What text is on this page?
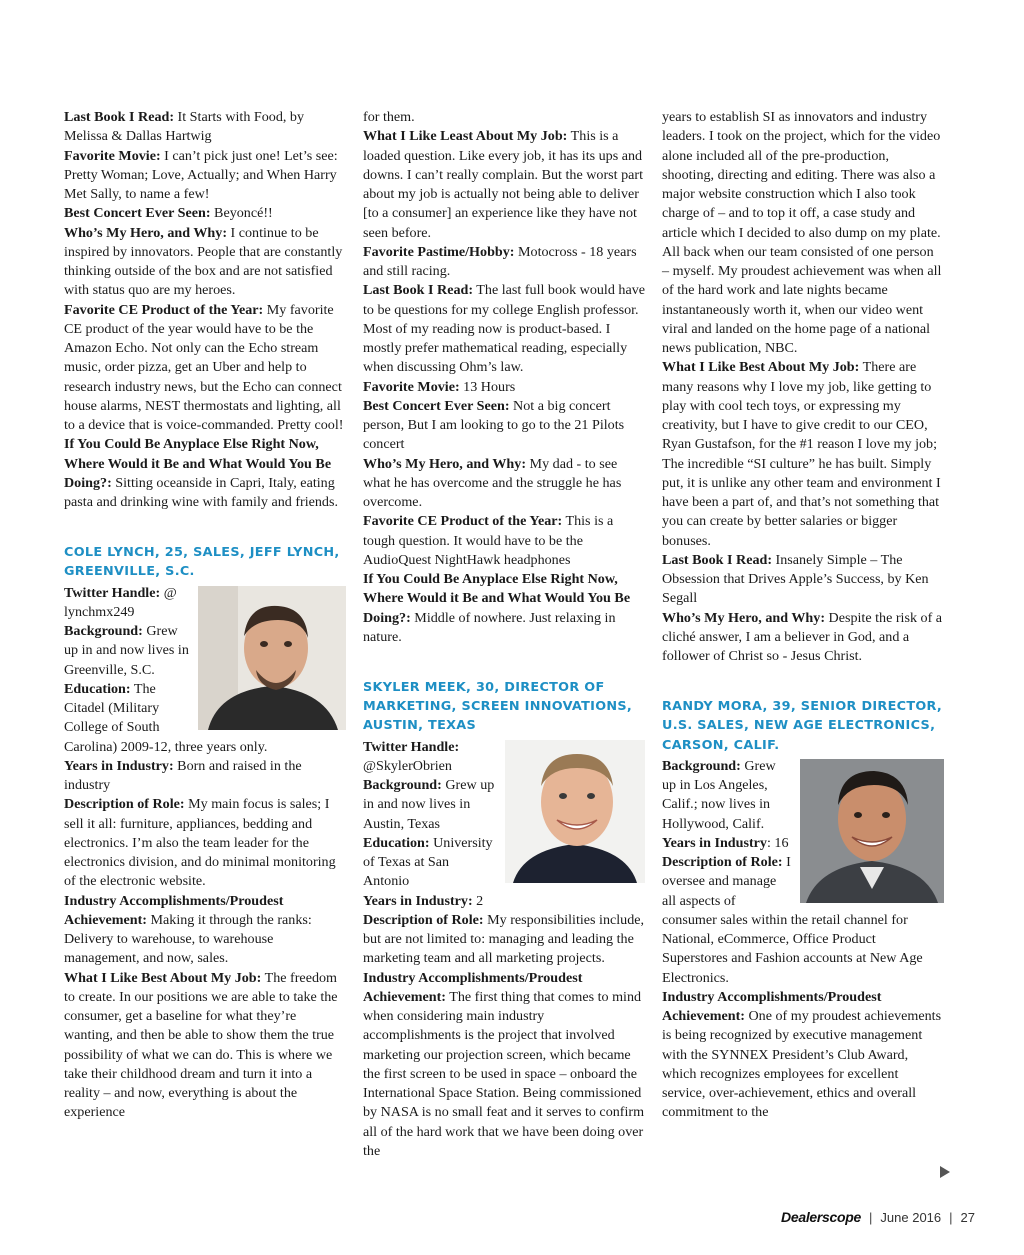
Last Book I Read: It Starts with Food, by Melissa & Dallas Hartwig

Favorite Movie: I can’t pick just one! Let’s see: Pretty Woman; Love, Actually; and When Harry Met Sally, to name a few!

Best Concert Ever Seen: Beyoncé!!

Who’s My Hero, and Why: I continue to be inspired by innovators. People that are constantly thinking outside of the box and are not satisfied with status quo are my heroes.

Favorite CE Product of the Year: My favorite CE product of the year would have to be the Amazon Echo. Not only can the Echo stream music, order pizza, get an Uber and help to research industry news, but the Echo can connect house alarms, NEST thermostats and lighting, all to a device that is voice-commanded. Pretty cool!

If You Could Be Anyplace Else Right Now, Where Would it Be and What Would You Be Doing?: Sitting oceanside in Capri, Italy, eating pasta and drinking wine with family and friends.

COLE LYNCH, 25, SALES, JEFF LYNCH, GREENVILLE, S.C.

Twitter Handle: @ lynchmx249

Background: Grew up in and now lives in Greenville, S.C.

Education: The Citadel (Military College of South Carolina) 2009-12, three years only.

Years in Industry: Born and raised in the industry

Description of Role: My main focus is sales; I sell it all: furniture, appliances, bedding and electronics. I’m also the team leader for the electronics division, and do minimal monitoring of the electronic website.

Industry Accomplishments/Proudest Achievement: Making it through the ranks: Delivery to warehouse, to warehouse management, and now, sales.

What I Like Best About My Job: The freedom to create. In our positions we are able to take the consumer, get a baseline for what they’re wanting, and then be able to show them the true possibility of what we can do. This is where we take their childhood dream and turn it into a reality – and now, everything is about the experience

for them.

What I Like Least About My Job: This is a loaded question. Like every job, it has its ups and downs. I can’t really complain. But the worst part about my job is actually not being able to deliver [to a consumer] an experience like they have not seen before.

Favorite Pastime/Hobby: Motocross - 18 years and still racing.

Last Book I Read: The last full book would have to be questions for my college English professor. Most of my reading now is product-based. I mostly prefer mathematical reading, especially when discussing Ohm’s law.

Favorite Movie: 13 Hours

Best Concert Ever Seen: Not a big concert person, But I am looking to go to the 21 Pilots concert

Who’s My Hero, and Why: My dad - to see what he has overcome and the struggle he has overcome.

Favorite CE Product of the Year: This is a tough question. It would have to be the AudioQuest NightHawk headphones

If You Could Be Anyplace Else Right Now, Where Would it Be and What Would You Be Doing?: Middle of nowhere. Just relaxing in nature.

SKYLER MEEK, 30, DIRECTOR OF MARKETING, SCREEN INNOVATIONS, AUSTIN, TEXAS

Twitter Handle: @SkylerObrien

Background: Grew up in and now lives in Austin, Texas

Education: University of Texas at San Antonio

Years in Industry: 2

Description of Role: My responsibilities include, but are not limited to: managing and leading the marketing team and all marketing projects.

Industry Accomplishments/Proudest Achievement: The first thing that comes to mind when considering main industry accomplishments is the project that involved marketing our projection screen, which became the first screen to be used in space – onboard the International Space Station. Being commissioned by NASA is no small feat and it serves to confirm all of the hard work that we have been doing over the

years to establish SI as innovators and industry leaders. I took on the project, which for the video alone included all of the pre-production, shooting, directing and editing. There was also a major website construction which I also took charge of – and to top it off, a case study and article which I decided to also dump on my plate. All back when our team consisted of one person – myself. My proudest achievement was when all of the hard work and late nights became instantaneously worth it, when our video went viral and landed on the home page of a national news publication, NBC.

What I Like Best About My Job: There are many reasons why I love my job, like getting to play with cool tech toys, or expressing my creativity, but I have to give credit to our CEO, Ryan Gustafson, for the #1 reason I love my job; The incredible “SI culture” he has built. Simply put, it is unlike any other team and environment I have been a part of, and that’s not something that you can create by better salaries or bigger bonuses.

Last Book I Read: Insanely Simple – The Obsession that Drives Apple’s Success, by Ken Segall

Who’s My Hero, and Why: Despite the risk of a cliché answer, I am a believer in God, and a follower of Christ so - Jesus Christ.

RANDY MORA, 39, SENIOR DIRECTOR, U.S. SALES, NEW AGE ELECTRONICS, CARSON, CALIF.

Background: Grew up in Los Angeles, Calif.; now lives in Hollywood, Calif.

Years in Industry: 16

Description of Role: I oversee and manage all aspects of consumer sales within the retail channel for National, eCommerce, Office Product Superstores and Fashion accounts at New Age Electronics.

Industry Accomplishments/Proudest Achievement: One of my proudest achievements is being recognized by executive management with the SYNNEX President’s Club Award, which recognizes employees for excellent service, over-achievement, ethics and overall commitment to the

Dealerscope | June 2016 | 27
